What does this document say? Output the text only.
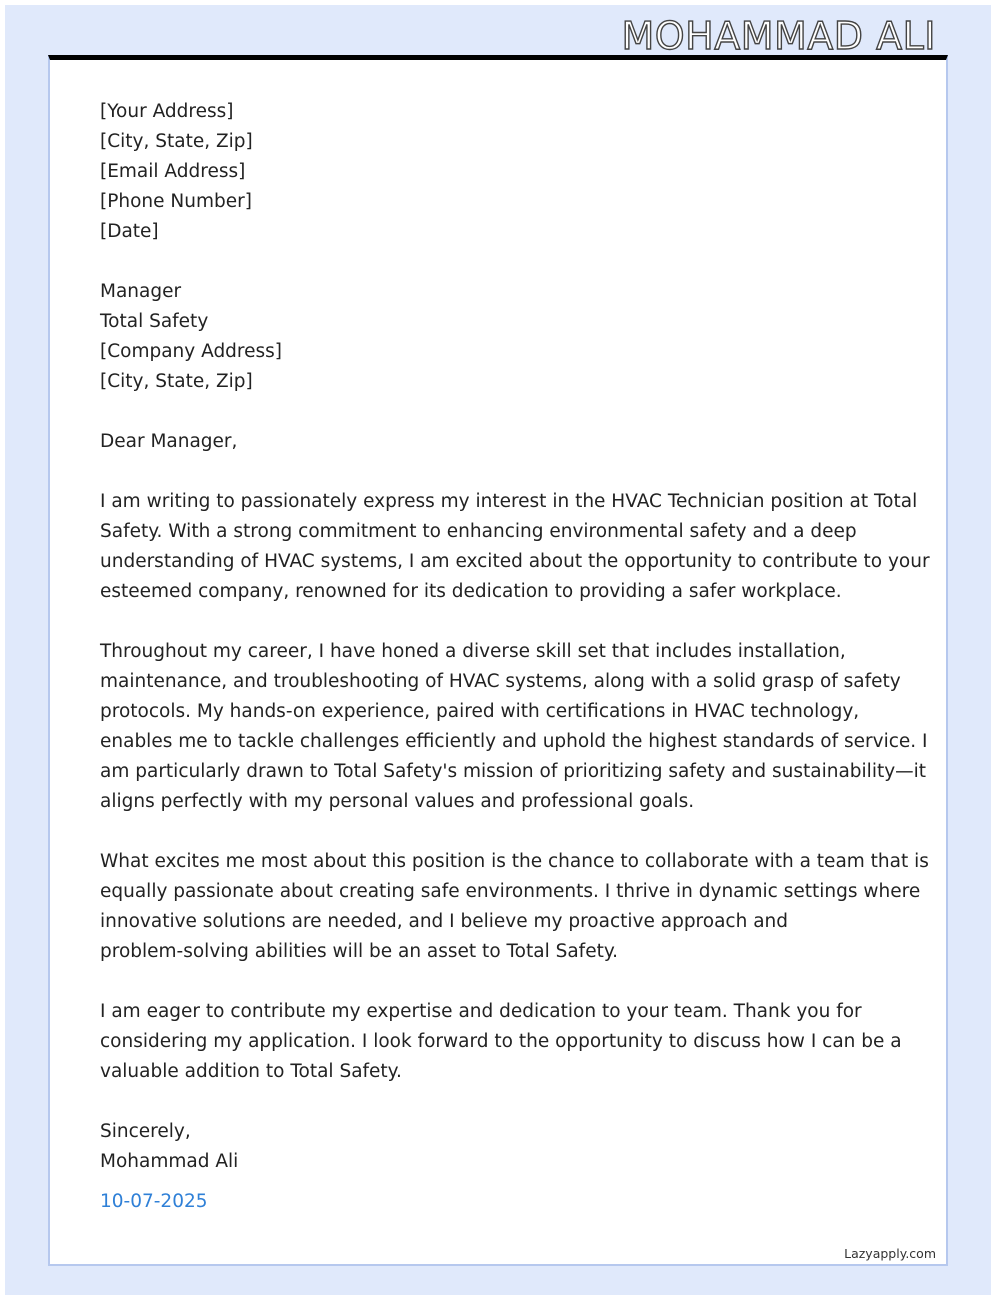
MOHAMMAD ALI
[Your Address]
[City, State, Zip]
[Email Address]
[Phone Number]
[Date]
Manager
Total Safety
[Company Address]
[City, State, Zip]
Dear Manager,
I am writing to passionately express my interest in the HVAC Technician position at Total
Safety. With a strong commitment to enhancing environmental safety and a deep
understanding of HVAC systems, I am excited about the opportunity to contribute to your
esteemed company, renowned for its dedication to providing a safer workplace.
Throughout my career, I have honed a diverse skill set that includes installation,
maintenance, and troubleshooting of HVAC systems, along with a solid grasp of safety
protocols. My hands-on experience, paired with certifications in HVAC technology,
enables me to tackle challenges efficiently and uphold the highest standards of service. I
am particularly drawn to Total Safety's mission of prioritizing safety and sustainability—it
aligns perfectly with my personal values and professional goals.
What excites me most about this position is the chance to collaborate with a team that is
equally passionate about creating safe environments. I thrive in dynamic settings where
innovative solutions are needed, and I believe my proactive approach and
problem-solving abilities will be an asset to Total Safety.
I am eager to contribute my expertise and dedication to your team. Thank you for
considering my application. I look forward to the opportunity to discuss how I can be a
valuable addition to Total Safety.
Sincerely,
Mohammad Ali
10-07-2025
Lazyapply.com
